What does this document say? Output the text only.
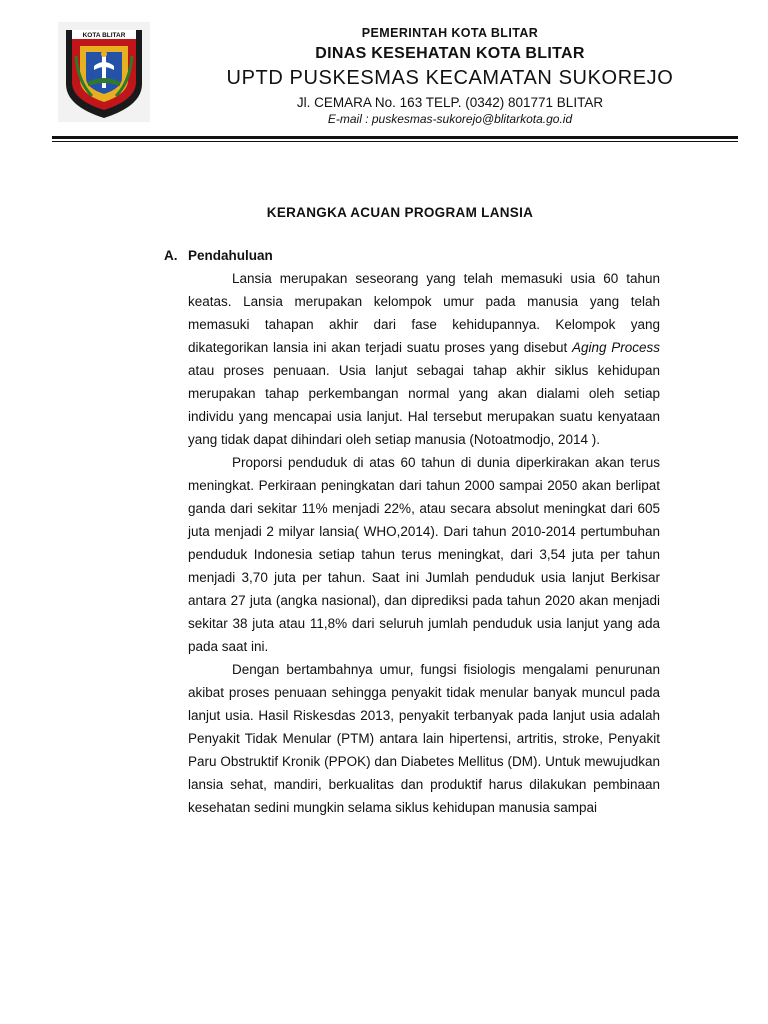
KOTA BLITAR	PEMERINTAH KOTA BLITAR
DINAS KESEHATAN KOTA BLITAR
UPTD PUSKESMAS KECAMATAN SUKOREJO
Jl. CEMARA No. 163 TELP. (0342) 801771 BLITAR
E-mail : puskesmas-sukorejo@blitarkota.go.id
KERANGKA ACUAN PROGRAM LANSIA
A. Pendahuluan

Lansia merupakan seseorang yang telah memasuki usia 60 tahun keatas. Lansia merupakan kelompok umur pada manusia yang telah memasuki tahapan akhir dari fase kehidupannya. Kelompok yang dikategorikan lansia ini akan terjadi suatu proses yang disebut Aging Process atau proses penuaan. Usia lanjut sebagai tahap akhir siklus kehidupan merupakan tahap perkembangan normal yang akan dialami oleh setiap individu yang mencapai usia lanjut. Hal tersebut merupakan suatu kenyataan yang tidak dapat dihindari oleh setiap manusia (Notoatmodjo, 2014 ).

Proporsi penduduk di atas 60 tahun di dunia diperkirakan akan terus meningkat. Perkiraan peningkatan dari tahun 2000 sampai 2050 akan berlipat ganda dari sekitar 11% menjadi 22%, atau secara absolut meningkat dari 605 juta menjadi 2 milyar lansia( WHO,2014). Dari tahun 2010-2014 pertumbuhan penduduk Indonesia setiap tahun terus meningkat, dari 3,54 juta per tahun menjadi 3,70 juta per tahun. Saat ini Jumlah penduduk usia lanjut Berkisar antara 27 juta (angka nasional), dan diprediksi pada tahun 2020 akan menjadi sekitar 38 juta atau 11,8% dari seluruh jumlah penduduk usia lanjut yang ada pada saat ini.

Dengan bertambahnya umur, fungsi fisiologis mengalami penurunan akibat proses penuaan sehingga penyakit tidak menular banyak muncul pada lanjut usia. Hasil Riskesdas 2013, penyakit terbanyak pada lanjut usia adalah Penyakit Tidak Menular (PTM) antara lain hipertensi, artritis, stroke, Penyakit Paru Obstruktif Kronik (PPOK) dan Diabetes Mellitus (DM). Untuk mewujudkan lansia sehat, mandiri, berkualitas dan produktif harus dilakukan pembinaan kesehatan sedini mungkin selama siklus kehidupan manusia sampai
